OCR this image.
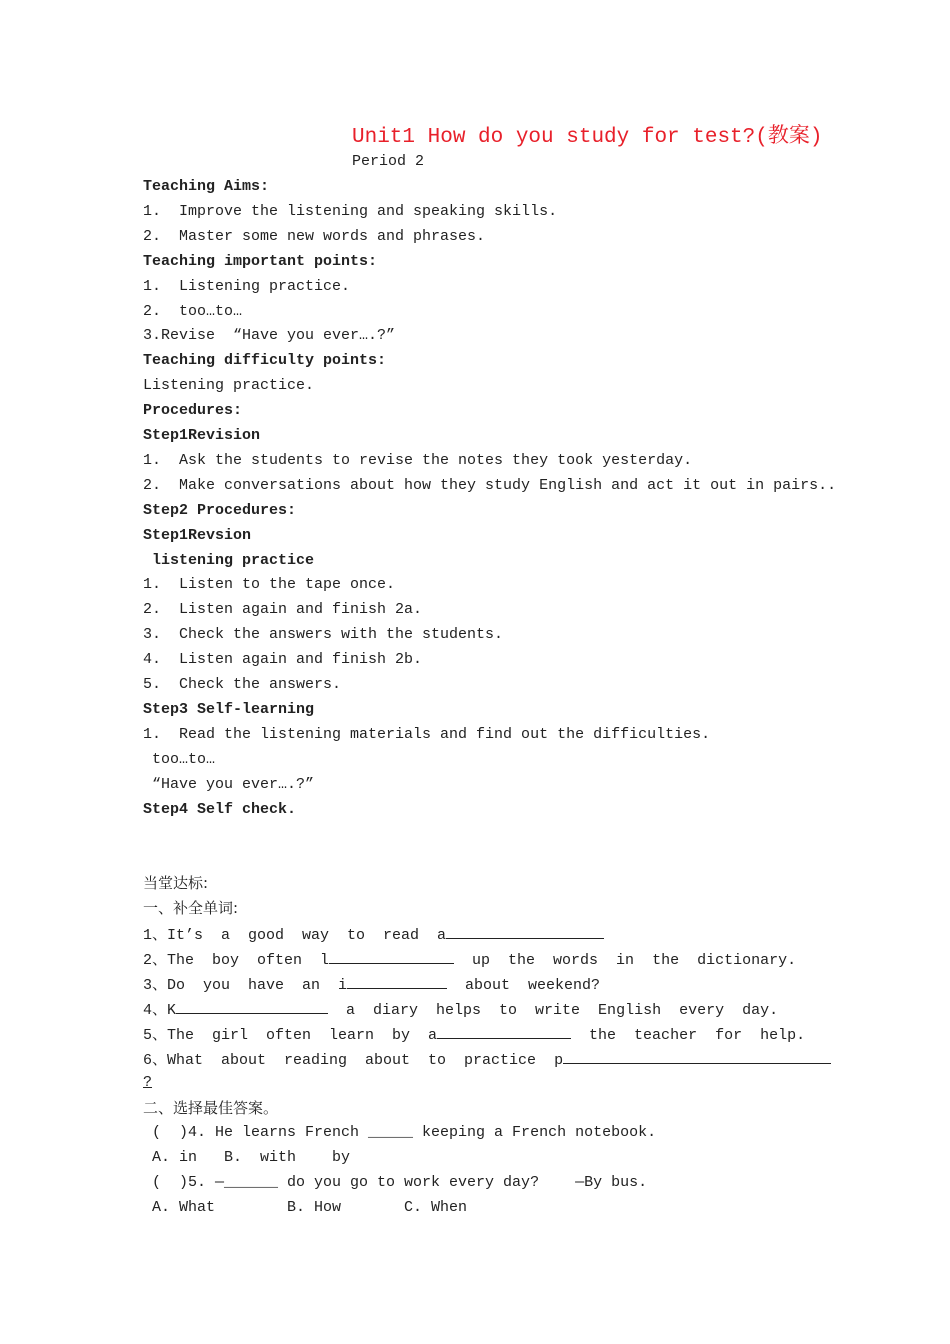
Unit1 How do you study for test?(教案)
Period 2
Teaching Aims:
1.  Improve the listening and speaking skills.
2.  Master some new words and phrases.
Teaching important points:
1.  Listening practice.
2.  too…to…
3.Revise  “Have you ever….?”
Teaching difficulty points:
Listening practice.
Procedures:
Step1Revision
1.  Ask the students to revise the notes they took yesterday.
2.  Make conversations about how they study English and act it out in pairs..
Step2 Procedures:
Step1Revsion
listening practice
1.  Listen to the tape once.
2.  Listen again and finish 2a.
3.  Check the answers with the students.
4.  Listen again and finish 2b.
5.  Check the answers.
Step3 Self-learning
1.  Read the listening materials and find out the difficulties.
too…to…
“Have you ever….?”
Step4 Self check.
当堂达标:
一、补全单词:
1、It’s  a  good  way  to  read  a
2、The  boy  often  l	up  the  words  in  the  dictionary.
3、Do  you  have  an  i	about  weekend?
4、K	a  diary  helps  to  write  English  every  day.
5、The  girl  often  learn  by  a	the  teacher  for  help.
6、What  about  reading  about  to  practice  p
?
二、选择最佳答案。
(  )4. He learns French _____ keeping a French notebook.
A. in   B.  with    by
(  )5. —______ do you go to work every day?    —By bus.
A. What        B. How       C. When
